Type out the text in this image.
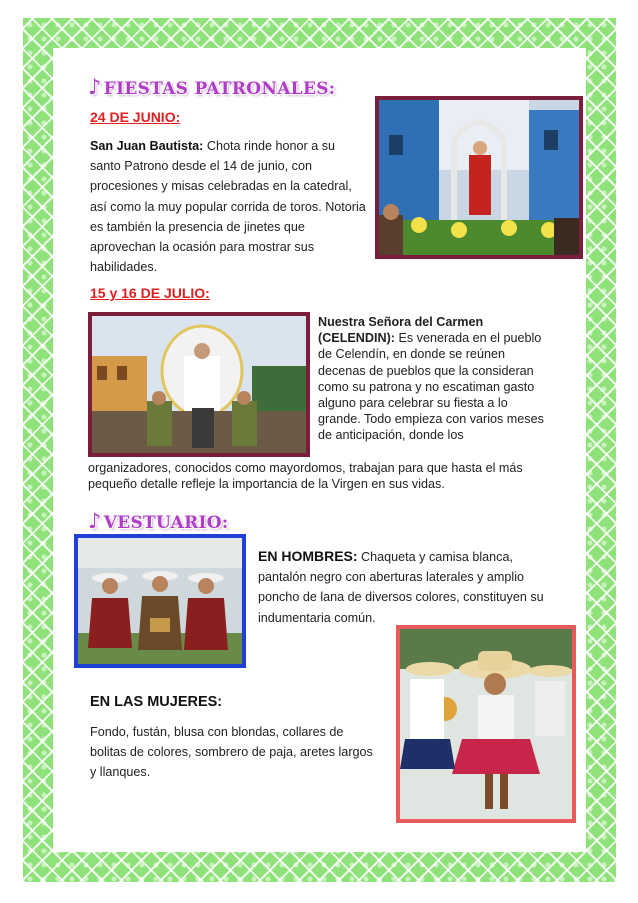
♪ FIESTAS PATRONALES:
24 DE JUNIO:
San Juan Bautista: Chota rinde honor a su santo Patrono desde el 14 de junio, con procesiones y misas celebradas en la catedral, así como la muy popular corrida de toros. Notoria es también la presencia de jinetes que aprovechan la ocasión para mostrar sus habilidades.
15 y 16 DE JULIO:
Nuestra Señora del Carmen (CELENDIN): Es venerada en el pueblo de Celendín, en donde se reúnen decenas de pueblos que la consideran como su patrona y no escatiman gasto alguno para celebrar su fiesta a lo grande. Todo empieza con varios meses de anticipación, donde los
organizadores, conocidos como mayordomos, trabajan para que hasta el más pequeño detalle refleje la importancia de la Virgen en sus vidas.
♪ VESTUARIO:
EN HOMBRES: Chaqueta y camisa blanca, pantalón negro con aberturas laterales y amplio poncho de lana de diversos colores, constituyen su indumentaria común.
EN LAS MUJERES:
Fondo, fustán, blusa con blondas, collares de bolitas de colores, sombrero de paja, aretes largos y llanques.
